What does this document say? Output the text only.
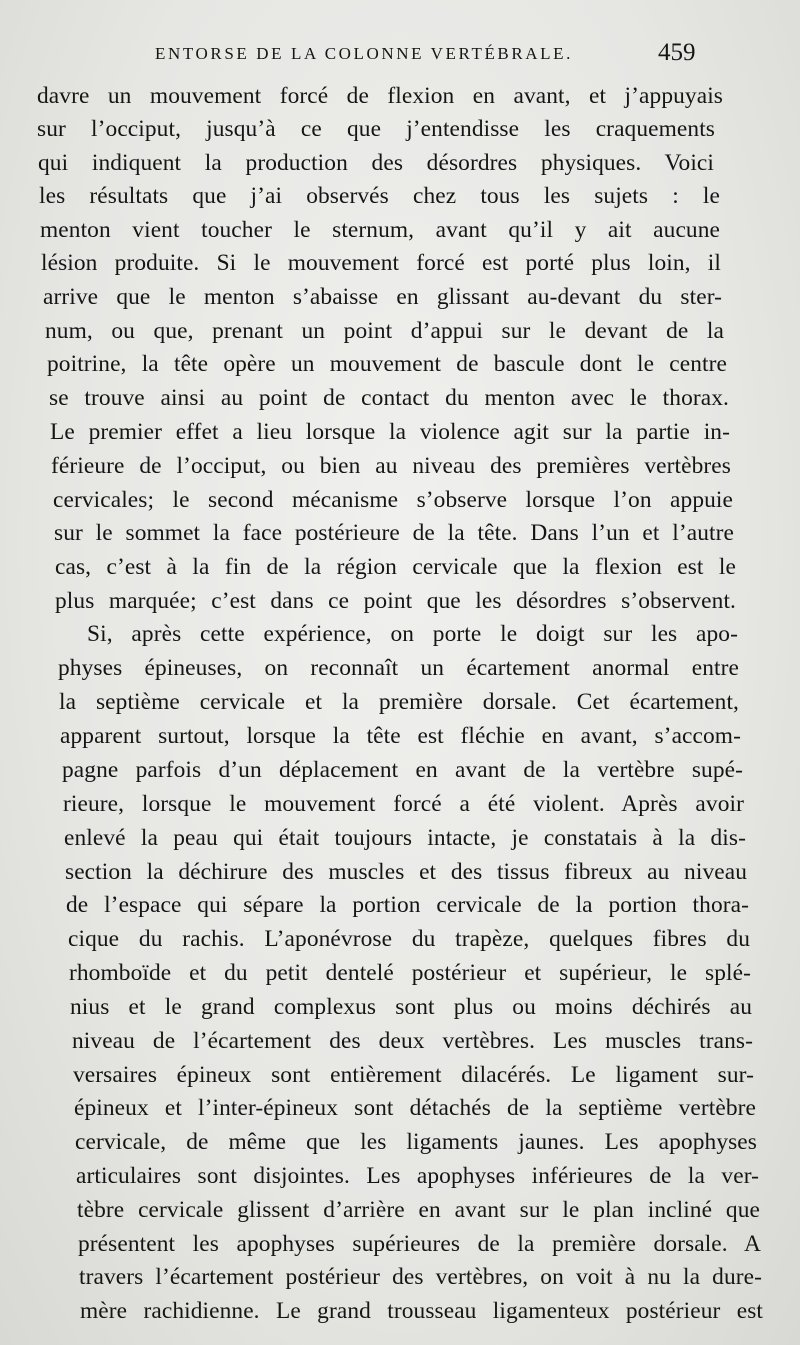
ENTORSE DE LA COLONNE VERTÉBRALE.	459
davre un mouvement forcé de flexion en avant, et j’appuyais
sur l’occiput, jusqu’à ce que j’entendisse les craquements
qui indiquent la production des désordres physiques. Voici
les résultats que j’ai observés chez tous les sujets : le
menton vient toucher le sternum, avant qu’il y ait aucune
lésion produite. Si le mouvement forcé est porté plus loin, il
arrive que le menton s’abaisse en glissant au-devant du ster-
num, ou que, prenant un point d’appui sur le devant de la
poitrine, la tête opère un mouvement de bascule dont le centre
se trouve ainsi au point de contact du menton avec le thorax.
Le premier effet a lieu lorsque la violence agit sur la partie in-
férieure de l’occiput, ou bien au niveau des premières vertèbres
cervicales; le second mécanisme s’observe lorsque l’on appuie
sur le sommet la face postérieure de la tête. Dans l’un et l’autre
cas, c’est à la fin de la région cervicale que la flexion est le
plus marquée; c’est dans ce point que les désordres s’observent.
Si, après cette expérience, on porte le doigt sur les apo-
physes épineuses, on reconnaît un écartement anormal entre
la septième cervicale et la première dorsale. Cet écartement,
apparent surtout, lorsque la tête est fléchie en avant, s’accom-
pagne parfois d’un déplacement en avant de la vertèbre supé-
rieure, lorsque le mouvement forcé a été violent. Après avoir
enlevé la peau qui était toujours intacte, je constatais à la dis-
section la déchirure des muscles et des tissus fibreux au niveau
de l’espace qui sépare la portion cervicale de la portion thora-
cique du rachis. L’aponévrose du trapèze, quelques fibres du
rhomboïde et du petit dentelé postérieur et supérieur, le splé-
nius et le grand complexus sont plus ou moins déchirés au
niveau de l’écartement des deux vertèbres. Les muscles trans-
versaires épineux sont entièrement dilacérés. Le ligament sur-
épineux et l’inter-épineux sont détachés de la septième vertèbre
cervicale, de même que les ligaments jaunes. Les apophyses
articulaires sont disjointes. Les apophyses inférieures de la ver-
tèbre cervicale glissent d’arrière en avant sur le plan incliné que
présentent les apophyses supérieures de la première dorsale. A
travers l’écartement postérieur des vertèbres, on voit à nu la dure-
mère rachidienne. Le grand trousseau ligamenteux postérieur est
